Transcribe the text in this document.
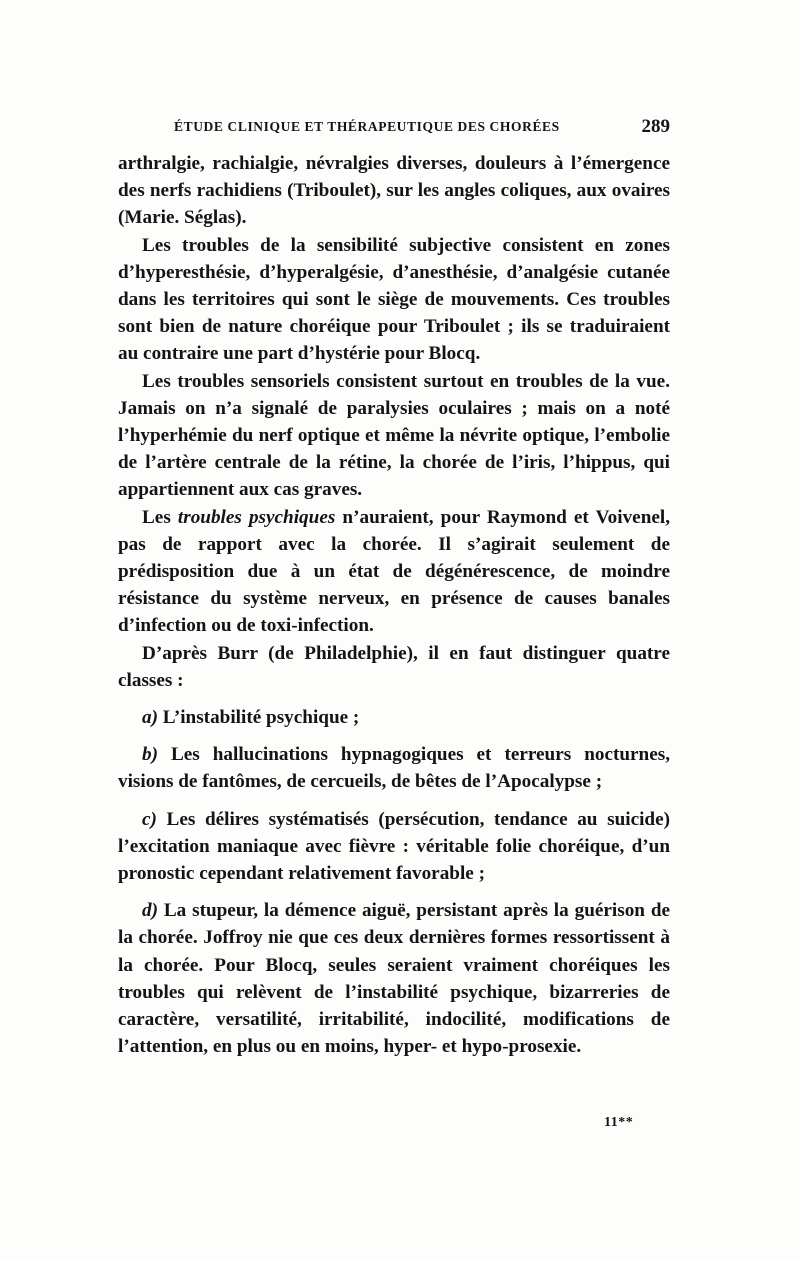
ÉTUDE CLINIQUE ET THÉRAPEUTIQUE DES CHORÉES	289

arthralgie, rachialgie, névralgies diverses, douleurs à l’émergence des nerfs rachidiens (Triboulet), sur les angles coliques, aux ovaires (Marie. Séglas).

Les troubles de la sensibilité subjective consistent en zones d’hyperesthésie, d’hyperalgésie, d’anesthésie, d’analgésie cutanée dans les territoires qui sont le siège de mouvements. Ces troubles sont bien de nature choréique pour Triboulet ; ils se traduiraient au contraire une part d’hystérie pour Blocq.

Les troubles sensoriels consistent surtout en troubles de la vue. Jamais on n’a signalé de paralysies oculaires ; mais on a noté l’hyperhémie du nerf optique et même la névrite optique, l’embolie de l’artère centrale de la rétine, la chorée de l’iris, l’hippus, qui appartiennent aux cas graves.

Les troubles psychiques n’auraient, pour Raymond et Voivenel, pas de rapport avec la chorée. Il s’agirait seulement de prédisposition due à un état de dégénérescence, de moindre résistance du système nerveux, en présence de causes banales d’infection ou de toxi-infection.

D’après Burr (de Philadelphie), il en faut distinguer quatre classes :

a) L’instabilité psychique ;

b) Les hallucinations hypnagogiques et terreurs nocturnes, visions de fantômes, de cercueils, de bêtes de l’Apocalypse ;

c) Les délires systématisés (persécution, tendance au suicide) l’excitation maniaque avec fièvre : véritable folie choréique, d’un pronostic cependant relativement favorable ;

d) La stupeur, la démence aiguë, persistant après la guérison de la chorée. Joffroy nie que ces deux dernières formes ressortissent à la chorée. Pour Blocq, seules seraient vraiment choréiques les troubles qui relèvent de l’instabilité psychique, bizarreries de caractère, versatilité, irritabilité, indocilité, modifications de l’attention, en plus ou en moins, hyper- et hypo-prosexie.

11**
